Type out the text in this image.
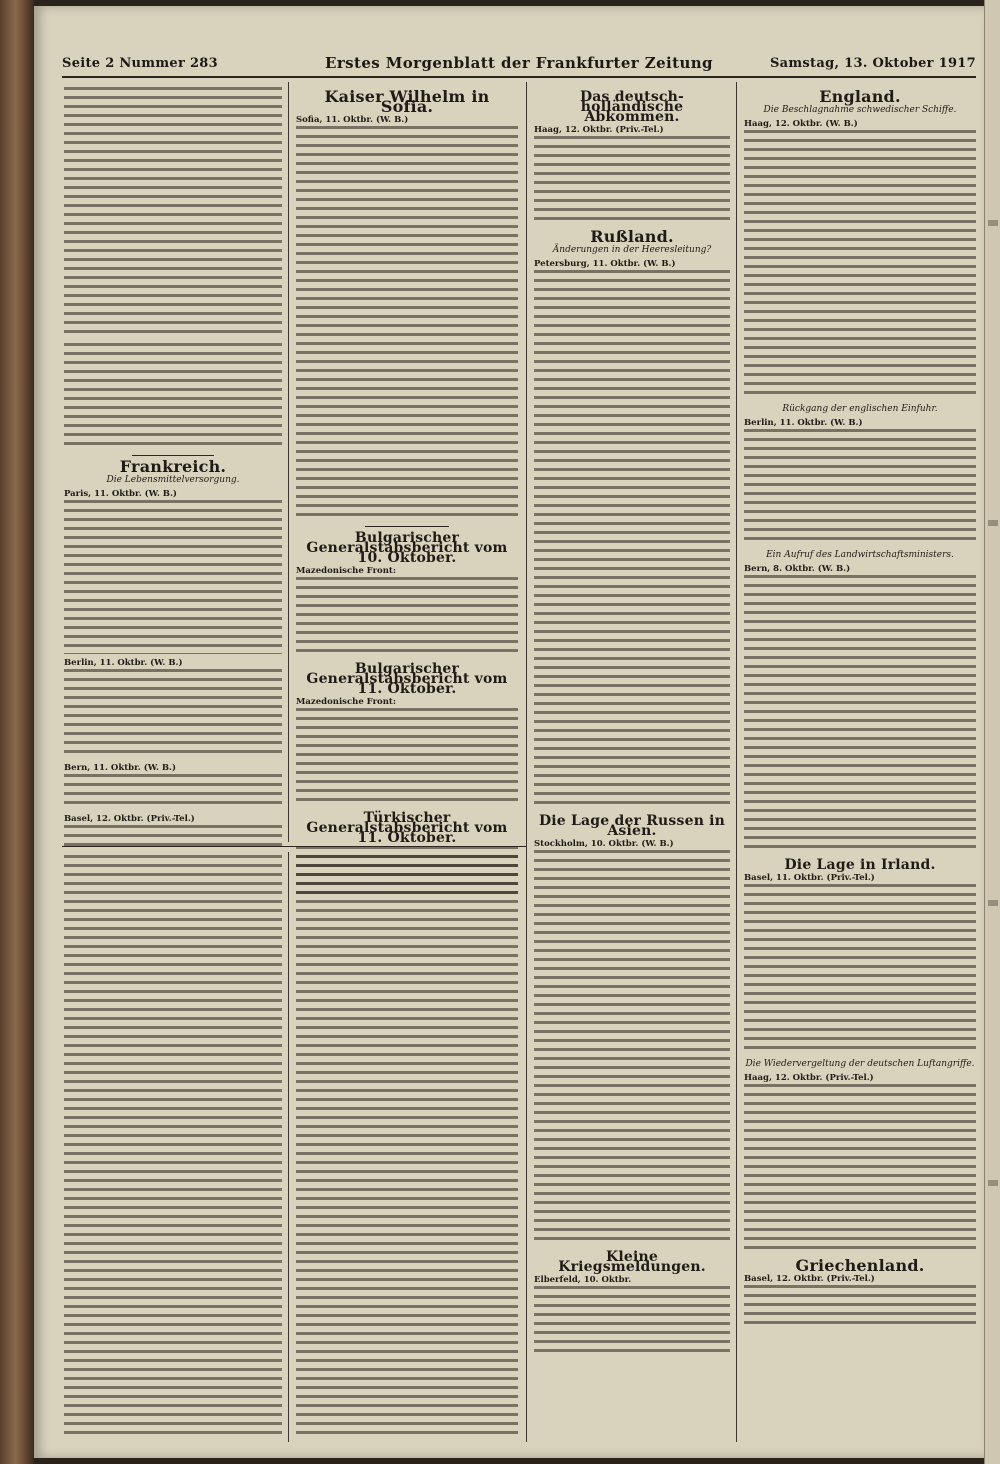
Seite 2 Nummer 283	Erstes Morgenblatt der Frankfurter Zeitung	Samstag, 13. Oktober 1917
Frankreich.
Die Lebensmittelversorgung.
Paris, 11. Oktbr. (W. B.)
Berlin, 11. Oktbr. (W. B.)
Bern, 11. Oktbr. (W. B.)
Basel, 12. Oktbr. (Priv.-Tel.)
Kaiser Wilhelm in Sofia.
Sofia, 11. Oktbr. (W. B.)
Bulgarischer Generalstabsbericht vom 10. Oktober.
Mazedonische Front:
Bulgarischer Generalstabsbericht vom 11. Oktober.
Mazedonische Front:
Türkischer Generalstabsbericht vom 11. Oktober.
Das deutsch-holländische Abkommen.
Haag, 12. Oktbr. (Priv.-Tel.)
Rußland.
Änderungen in der Heeresleitung?
Petersburg, 11. Oktbr. (W. B.)
Die Lage der Russen in Asien.
Stockholm, 10. Oktbr. (W. B.)
Kleine Kriegsmeldungen.
Elberfeld, 10. Oktbr.
England.
Die Beschlagnahme schwedischer Schiffe.
Haag, 12. Oktbr. (W. B.)
Rückgang der englischen Einfuhr.
Berlin, 11. Oktbr. (W. B.)
Ein Aufruf des Landwirtschaftsministers.
Bern, 8. Oktbr. (W. B.)
Die Lage in Irland.
Basel, 11. Oktbr. (Priv.-Tel.)
Die Wiedervergeltung der deutschen Luftangriffe.
Haag, 12. Oktbr. (Priv.-Tel.)
Griechenland.
Basel, 12. Oktbr. (Priv.-Tel.)
